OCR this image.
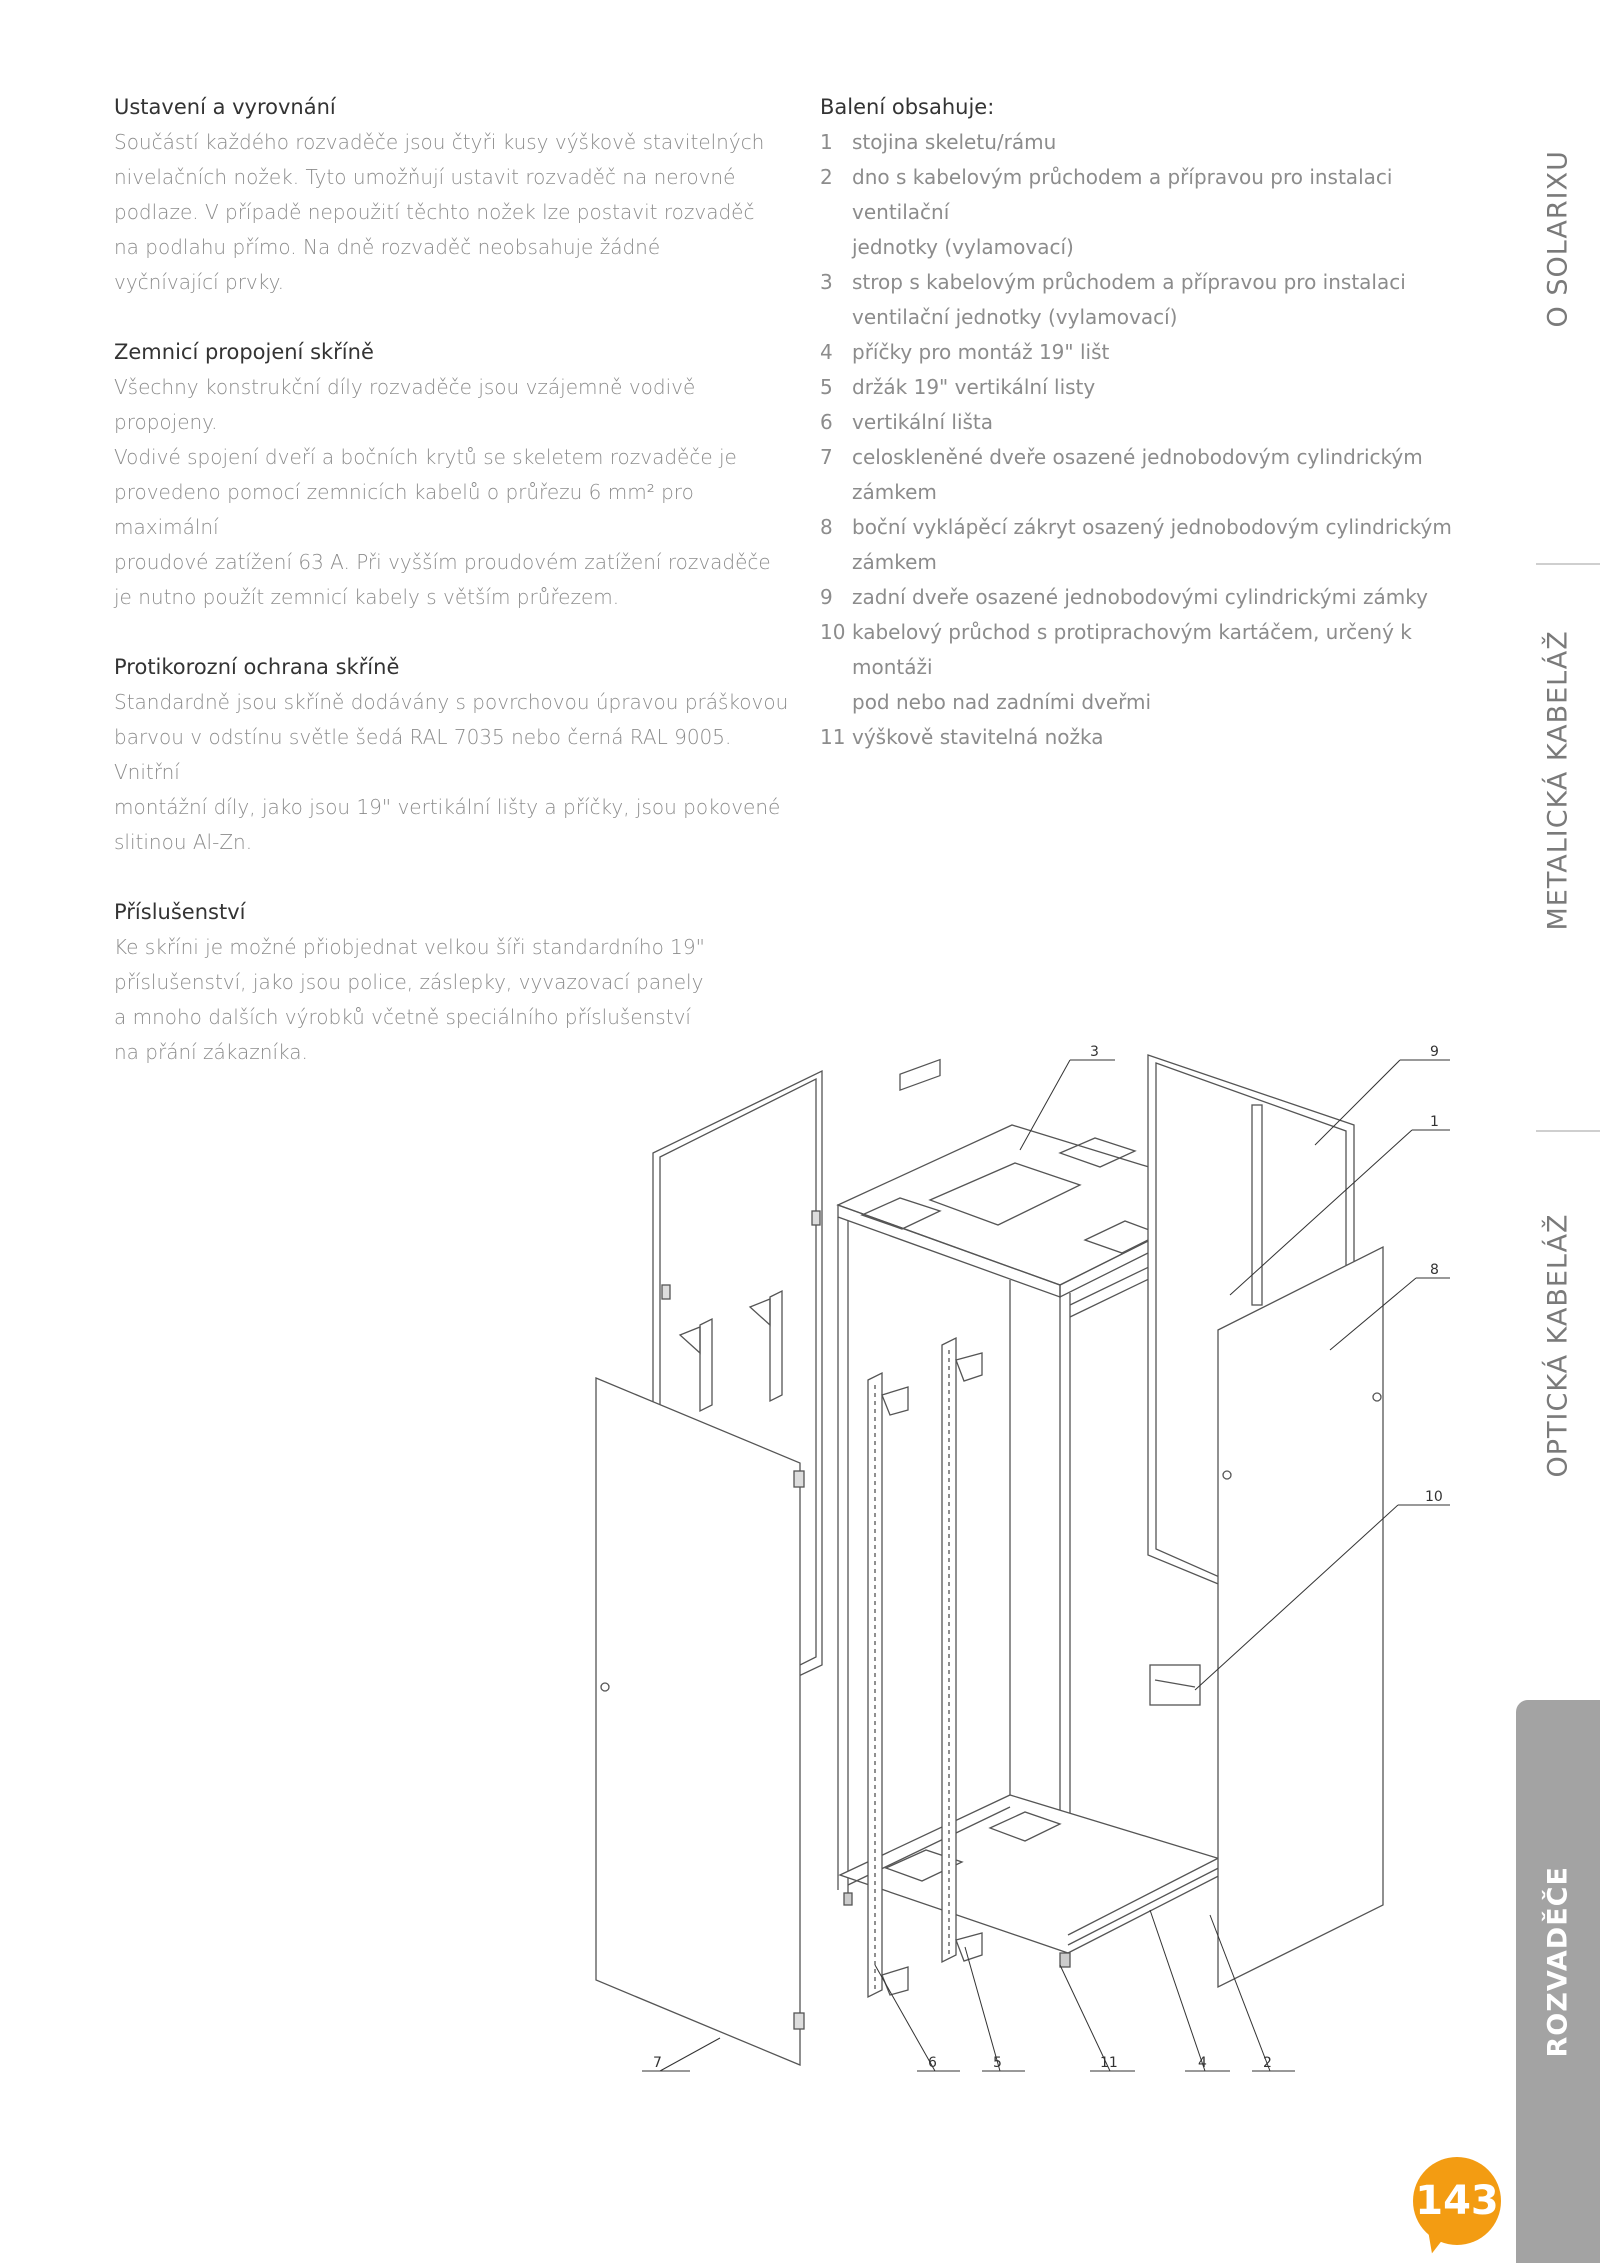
Ustavení a vyrovnání

Součástí každého rozvaděče jsou čtyři kusy výškově stavitelných

nivelačních nožek. Tyto umožňují ustavit rozvaděč na nerovné

podlaze. V případě nepoužití těchto nožek lze postavit rozvaděč

na podlahu přímo. Na dně rozvaděč neobsahuje žádné

vyčnívající prvky.

Zemnicí propojení skříně

Všechny konstrukční díly rozvaděče jsou vzájemně vodivě propojeny.

Vodivé spojení dveří a bočních krytů se skeletem rozvaděče je

provedeno pomocí zemnicích kabelů o průřezu 6 mm² pro maximální

proudové zatížení 63 A. Při vyšším proudovém zatížení rozvaděče

je nutno použít zemnicí kabely s větším průřezem.

Protikorozní ochrana skříně

Standardně jsou skříně dodávány s povrchovou úpravou práškovou

barvou v odstínu světle šedá RAL 7035 nebo černá RAL 9005. Vnitřní

montážní díly, jako jsou 19" vertikální lišty a příčky, jsou pokovené

slitinou Al-Zn.

Příslušenství

Ke skříni je možné přiobjednat velkou šíři standardního 19"

příslušenství, jako jsou police, záslepky, vyvazovací panely

a mnoho dalších výrobků včetně speciálního příslušenství

na přání zákazníka.

Balení obsahuje:
1 stojina skeletu/rámu
2 dno s kabelovým průchodem a přípravou pro instalaci ventilační
jednotky (vylamovací)
3 strop s kabelovým průchodem a přípravou pro instalaci
ventilační jednotky (vylamovací)
4 příčky pro montáž 19" lišt
5 držák 19" vertikální listy
6 vertikální lišta
7 celoskleněné dveře osazené jednobodovým cylindrickým
zámkem
8 boční vyklápěcí zákryt osazený jednobodovým cylindrickým
zámkem
9 zadní dveře osazené jednobodovými cylindrickými zámky
10 kabelový průchod s protiprachovým kartáčem, určený k montáži
pod nebo nad zadními dveřmi
11 výškově stavitelná nožka
7	6	5	11	4	2
3	9
1
8
10
O SOLARIXU
METALICKÁ KABELÁŽ
OPTICKÁ KABELÁŽ
143
